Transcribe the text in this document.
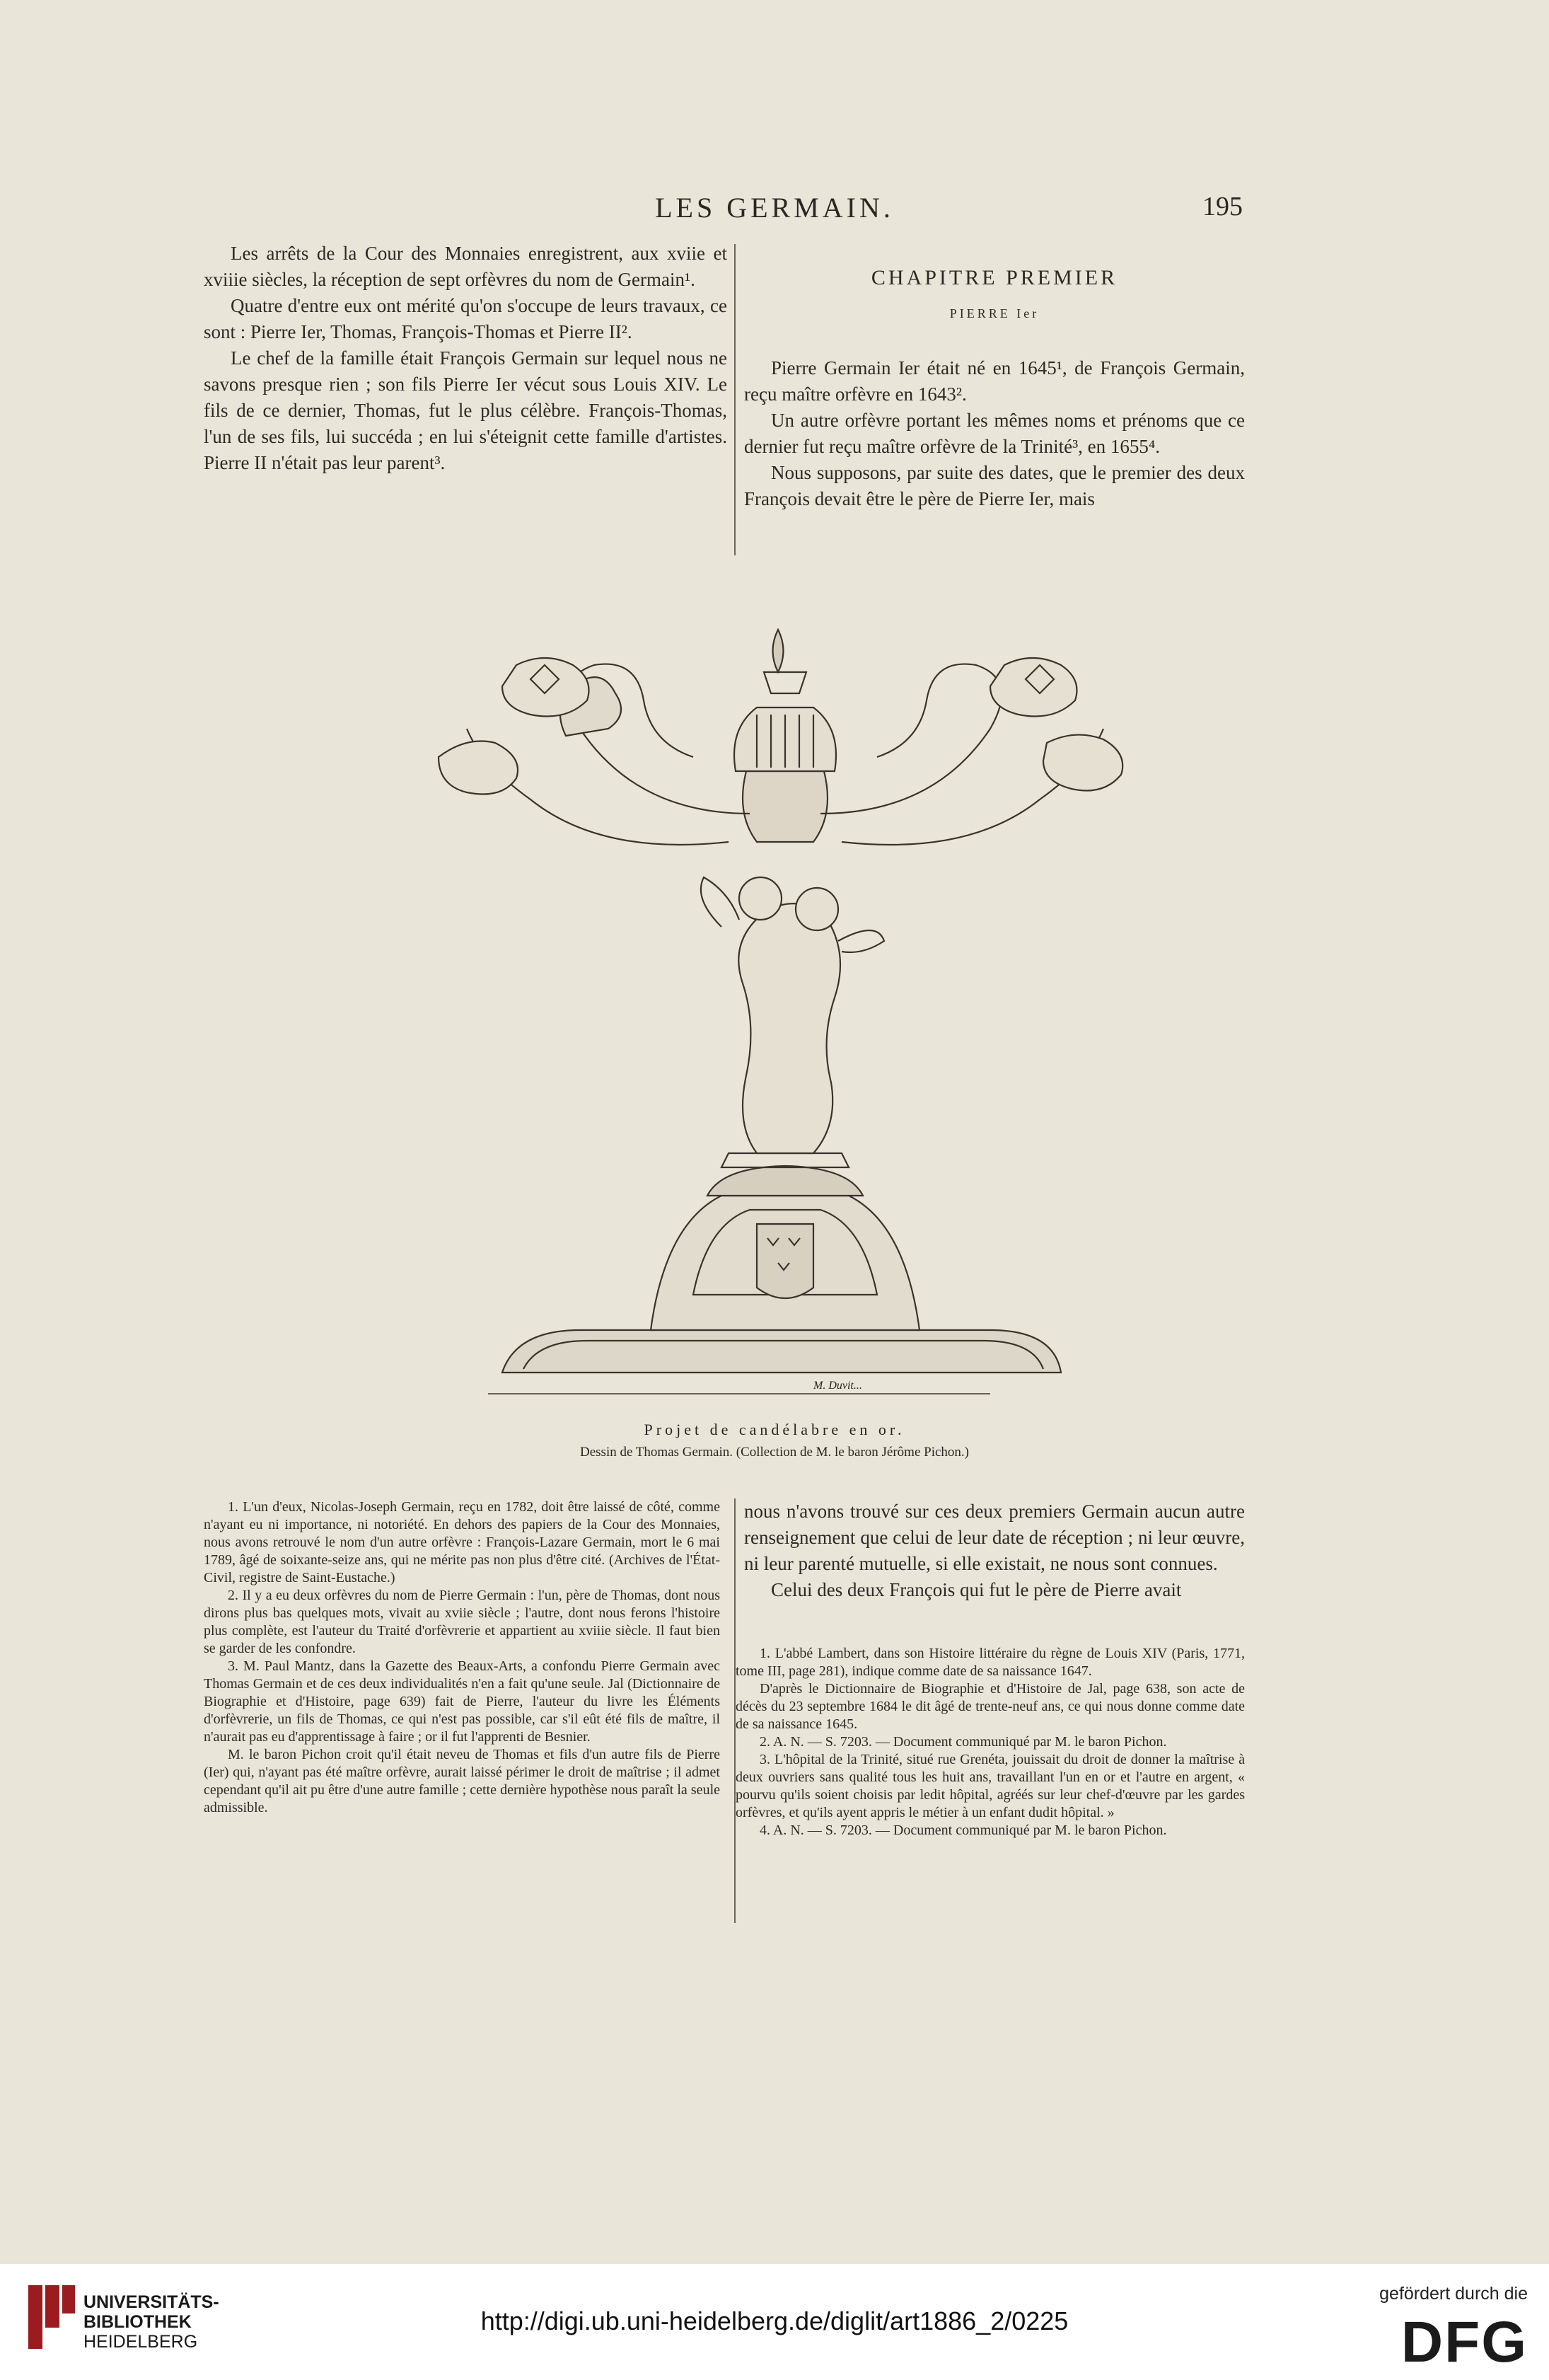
LES GERMAIN.	195

Les arrêts de la Cour des Monnaies enregistrent, aux xviie et xviiie siècles, la réception de sept orfèvres du nom de Germain¹.

Quatre d'entre eux ont mérité qu'on s'occupe de leurs travaux, ce sont : Pierre Ier, Thomas, François-Thomas et Pierre II².

Le chef de la famille était François Germain sur lequel nous ne savons presque rien ; son fils Pierre Ier vécut sous Louis XIV. Le fils de ce dernier, Thomas, fut le plus célèbre. François-Thomas, l'un de ses fils, lui succéda ; en lui s'éteignit cette famille d'artistes. Pierre II n'était pas leur parent³.

CHAPITRE PREMIER
PIERRE Ier

Pierre Germain Ier était né en 1645¹, de François Germain, reçu maître orfèvre en 1643².

Un autre orfèvre portant les mêmes noms et prénoms que ce dernier fut reçu maître orfèvre de la Trinité³, en 1655⁴.

Nous supposons, par suite des dates, que le premier des deux François devait être le père de Pierre Ier, mais

M. Duvit...
Projet de candélabre en or.
Dessin de Thomas Germain. (Collection de M. le baron Jérôme Pichon.)

1. L'un d'eux, Nicolas-Joseph Germain, reçu en 1782, doit être laissé de côté, comme n'ayant eu ni importance, ni notoriété. En dehors des papiers de la Cour des Monnaies, nous avons retrouvé le nom d'un autre orfèvre : François-Lazare Germain, mort le 6 mai 1789, âgé de soixante-seize ans, qui ne mérite pas non plus d'être cité. (Archives de l'État-Civil, registre de Saint-Eustache.)

2. Il y a eu deux orfèvres du nom de Pierre Germain : l'un, père de Thomas, dont nous dirons plus bas quelques mots, vivait au xviie siècle ; l'autre, dont nous ferons l'histoire plus complète, est l'auteur du Traité d'orfèvrerie et appartient au xviiie siècle. Il faut bien se garder de les confondre.

3. M. Paul Mantz, dans la Gazette des Beaux-Arts, a confondu Pierre Germain avec Thomas Germain et de ces deux individualités n'en a fait qu'une seule. Jal (Dictionnaire de Biographie et d'Histoire, page 639) fait de Pierre, l'auteur du livre les Éléments d'orfèvrerie, un fils de Thomas, ce qui n'est pas possible, car s'il eût été fils de maître, il n'aurait pas eu d'apprentissage à faire ; or il fut l'apprenti de Besnier.

M. le baron Pichon croit qu'il était neveu de Thomas et fils d'un autre fils de Pierre (Ier) qui, n'ayant pas été maître orfèvre, aurait laissé périmer le droit de maîtrise ; il admet cependant qu'il ait pu être d'une autre famille ; cette dernière hypothèse nous paraît la seule admissible.

nous n'avons trouvé sur ces deux premiers Germain aucun autre renseignement que celui de leur date de réception ; ni leur œuvre, ni leur parenté mutuelle, si elle existait, ne nous sont connues.

Celui des deux François qui fut le père de Pierre avait

1. L'abbé Lambert, dans son Histoire littéraire du règne de Louis XIV (Paris, 1771, tome III, page 281), indique comme date de sa naissance 1647.

D'après le Dictionnaire de Biographie et d'Histoire de Jal, page 638, son acte de décès du 23 septembre 1684 le dit âgé de trente-neuf ans, ce qui nous donne comme date de sa naissance 1645.

2. A. N. — S. 7203. — Document communiqué par M. le baron Pichon.

3. L'hôpital de la Trinité, situé rue Grenéta, jouissait du droit de donner la maîtrise à deux ouvriers sans qualité tous les huit ans, travaillant l'un en or et l'autre en argent, « pourvu qu'ils soient choisis par ledit hôpital, agréés sur leur chef-d'œuvre par les gardes orfèvres, et qu'ils ayent appris le métier à un enfant dudit hôpital. »

4. A. N. — S. 7203. — Document communiqué par M. le baron Pichon.

UNIVERSITÄTS-
BIBLIOTHEK
HEIDELBERG
http://digi.ub.uni-heidelberg.de/diglit/art1886_2/0225
gefördert durch die
DFG
